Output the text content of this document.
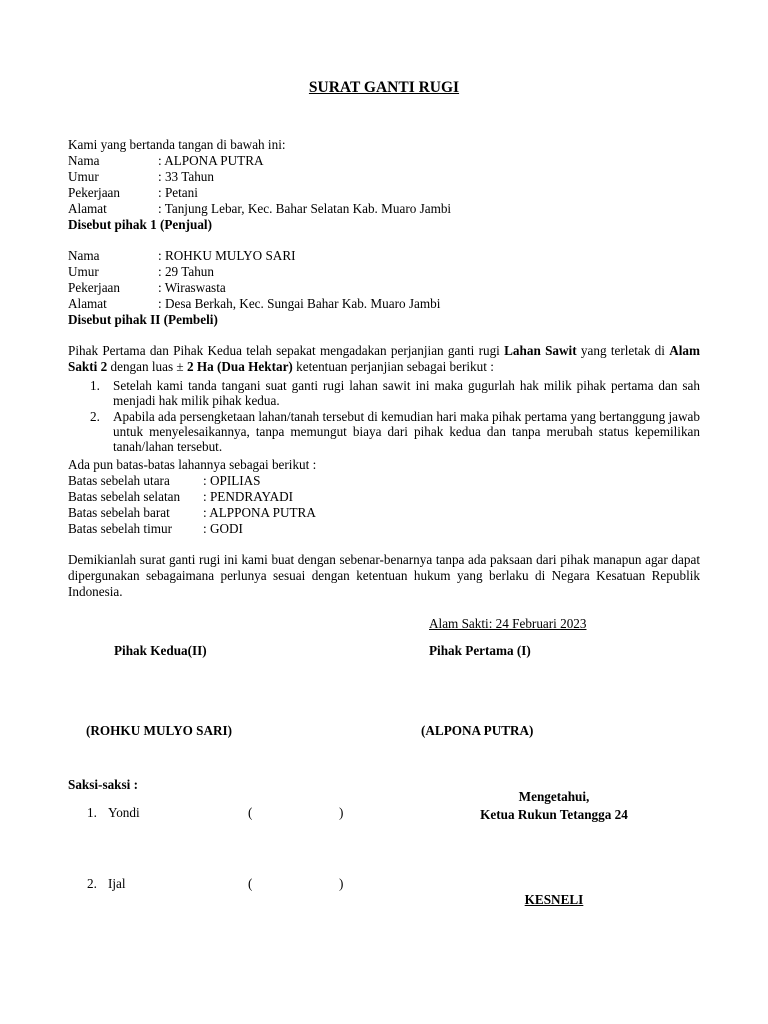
SURAT GANTI RUGI
Kami yang bertanda tangan di bawah ini:
Nama	: ALPONA PUTRA
Umur	: 33 Tahun
Pekerjaan	: Petani
Alamat	: Tanjung Lebar, Kec. Bahar Selatan Kab. Muaro Jambi
Disebut pihak 1 (Penjual)
Nama	: ROHKU MULYO SARI
Umur	: 29 Tahun
Pekerjaan	: Wiraswasta
Alamat	: Desa Berkah, Kec. Sungai Bahar Kab. Muaro Jambi
Disebut pihak II (Pembeli)
Pihak Pertama dan Pihak Kedua telah sepakat mengadakan perjanjian ganti rugi Lahan Sawit yang terletak di Alam Sakti 2 dengan luas ± 2 Ha (Dua Hektar) ketentuan perjanjian sebagai berikut :
1. Setelah kami tanda tangani suat ganti rugi lahan sawit ini maka gugurlah hak milik pihak pertama dan sah menjadi hak milik pihak kedua.
2. Apabila ada persengketaan lahan/tanah tersebut di kemudian hari maka pihak pertama yang bertanggung jawab untuk menyelesaikannya, tanpa memungut biaya dari pihak kedua dan tanpa merubah status kepemilikan tanah/lahan tersebut.
Ada pun batas-batas lahannya sebagai berikut :
Batas sebelah utara	: OPILIAS
Batas sebelah selatan : PENDRAYADI
Batas sebelah barat	: ALPPONA PUTRA
Batas sebelah timur : GODI
Demikianlah surat ganti rugi ini kami buat dengan sebenar-benarnya tanpa ada paksaan dari pihak manapun agar dapat dipergunakan sebagaimana perlunya sesuai dengan ketentuan hukum yang berlaku di Negara Kesatuan Republik Indonesia.
Alam Sakti: 24 Februari 2023
Pihak Kedua(II)	Pihak Pertama (I)
(ROHKU MULYO SARI)	(ALPONA PUTRA)
Saksi-saksi :
1. Yondi	(	)
2. Ijal	(	)
Mengetahui,
Ketua Rukun Tetangga 24
KESNELI
